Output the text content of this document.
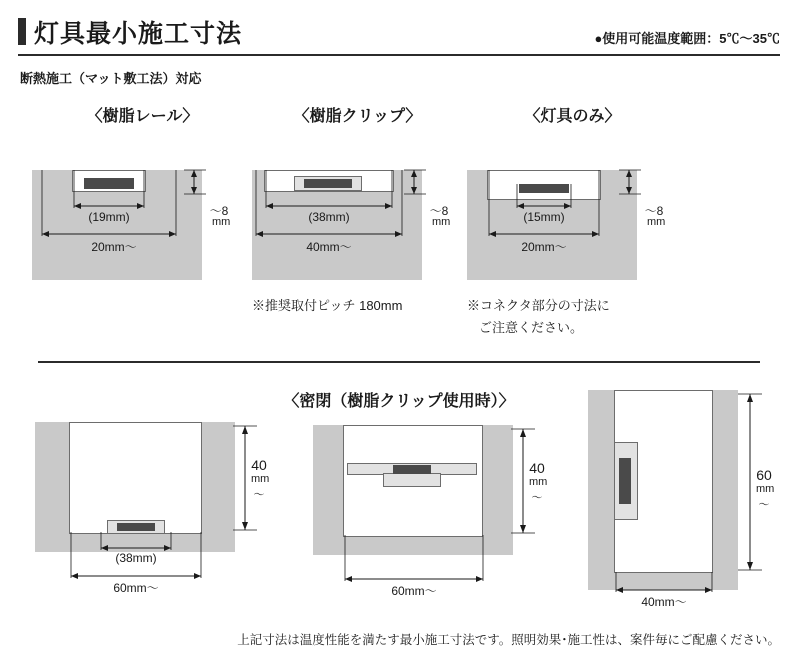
灯具最小施工寸法	●使用可能温度範囲：5℃〜35℃
断熱施工（マット敷工法）対応
〈樹脂レール〉	〈樹脂クリップ〉	〈灯具のみ〉
(19mm)
20mm〜
〜8
mm	(38mm)
40mm〜
〜8
mm	(15mm)
20mm〜
〜8
mm
※推奨取付ピッチ 180mm	※コネクタ部分の寸法に
ご注意ください。
〈密閉（樹脂クリップ使用時）〉
(38mm)
60mm〜
40
mm
〜
60mm〜
40
mm
〜
40mm〜
60
mm
〜
上記寸法は温度性能を満たす最小施工寸法です。照明効果･施工性は、案件毎にご配慮ください。
